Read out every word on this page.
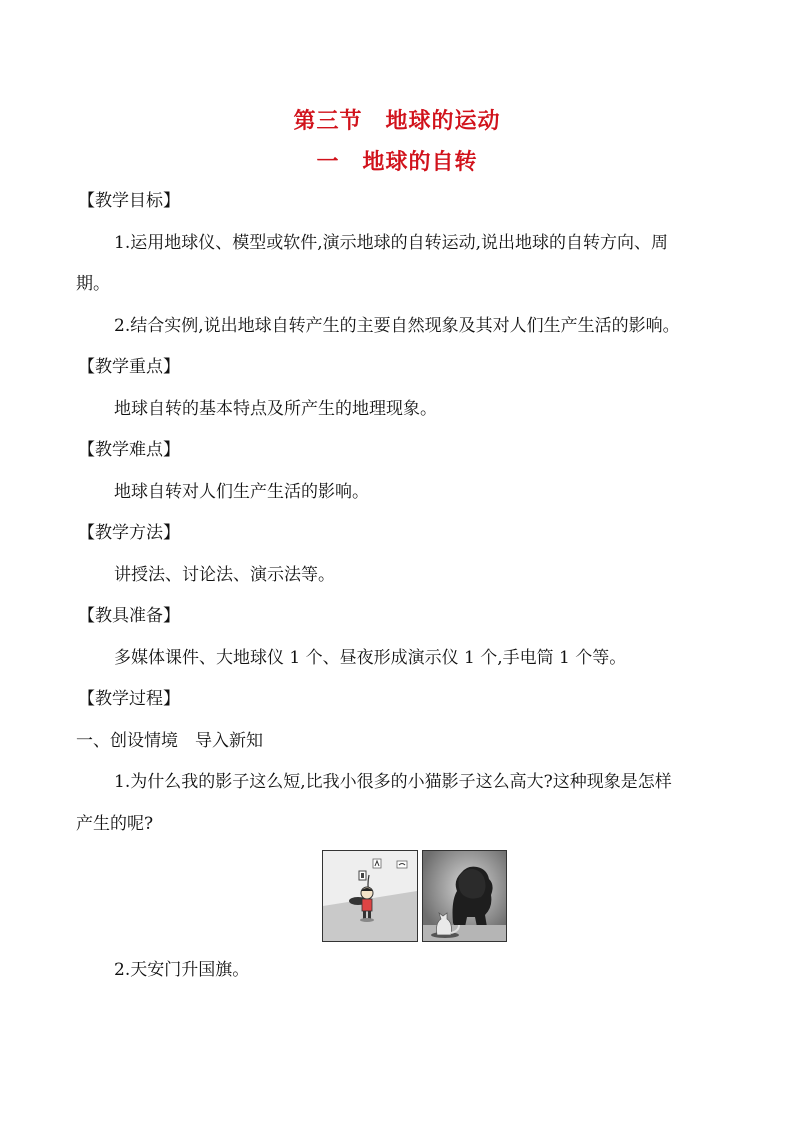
第三节　地球的运动
一　地球的自转
【教学目标】
1.运用地球仪、模型或软件,演示地球的自转运动,说出地球的自转方向、周
期。
2.结合实例,说出地球自转产生的主要自然现象及其对人们生产生活的影响。
【教学重点】
地球自转的基本特点及所产生的地理现象。
【教学难点】
地球自转对人们生产生活的影响。
【教学方法】
讲授法、讨论法、演示法等。
【教具准备】
多媒体课件、大地球仪 1 个、昼夜形成演示仪 1 个,手电筒 1 个等。
【教学过程】
一、创设情境　导入新知
1.为什么我的影子这么短,比我小很多的小猫影子这么高大?这种现象是怎样
产生的呢?
2.天安门升国旗。
